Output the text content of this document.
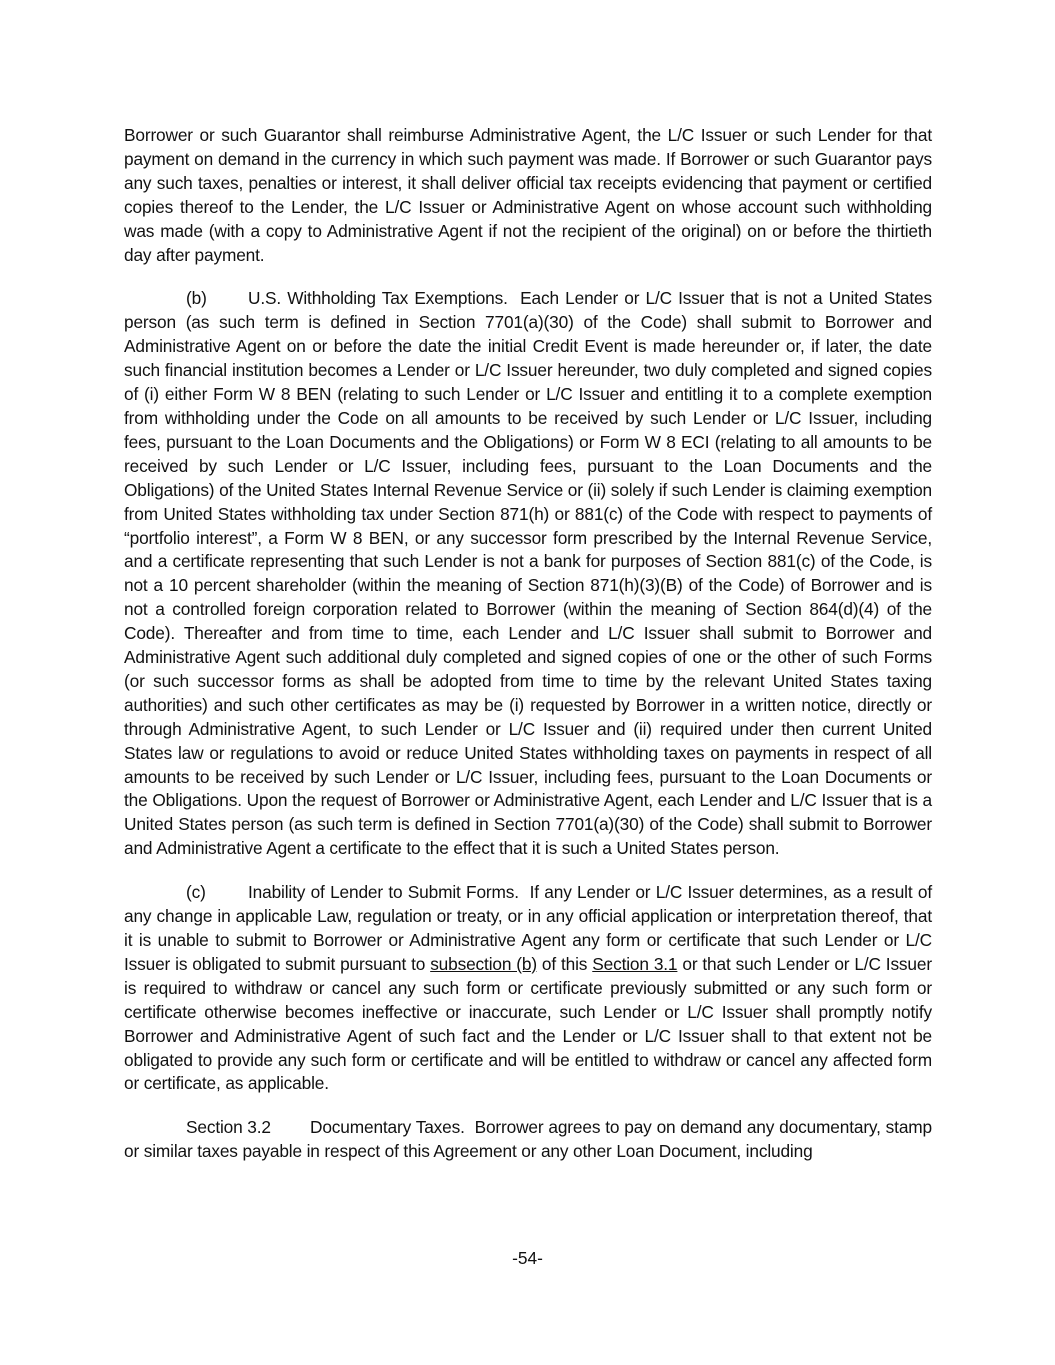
Borrower or such Guarantor shall reimburse Administrative Agent, the L/C Issuer or such Lender for that payment on demand in the currency in which such payment was made. If Borrower or such Guarantor pays any such taxes, penalties or interest, it shall deliver official tax receipts evidencing that payment or certified copies thereof to the Lender, the L/C Issuer or Administrative Agent on whose account such withholding was made (with a copy to Administrative Agent if not the recipient of the original) on or before the thirtieth day after payment.

(b) U.S. Withholding Tax Exemptions. Each Lender or L/C Issuer that is not a United States person (as such term is defined in Section 7701(a)(30) of the Code) shall submit to Borrower and Administrative Agent on or before the date the initial Credit Event is made hereunder or, if later, the date such financial institution becomes a Lender or L/C Issuer hereunder, two duly completed and signed copies of (i) either Form W 8 BEN (relating to such Lender or L/C Issuer and entitling it to a complete exemption from withholding under the Code on all amounts to be received by such Lender or L/C Issuer, including fees, pursuant to the Loan Documents and the Obligations) or Form W 8 ECI (relating to all amounts to be received by such Lender or L/C Issuer, including fees, pursuant to the Loan Documents and the Obligations) of the United States Internal Revenue Service or (ii) solely if such Lender is claiming exemption from United States withholding tax under Section 871(h) or 881(c) of the Code with respect to payments of “portfolio interest”, a Form W 8 BEN, or any successor form prescribed by the Internal Revenue Service, and a certificate representing that such Lender is not a bank for purposes of Section 881(c) of the Code, is not a 10 percent shareholder (within the meaning of Section 871(h)(3)(B) of the Code) of Borrower and is not a controlled foreign corporation related to Borrower (within the meaning of Section 864(d)(4) of the Code). Thereafter and from time to time, each Lender and L/C Issuer shall submit to Borrower and Administrative Agent such additional duly completed and signed copies of one or the other of such Forms (or such successor forms as shall be adopted from time to time by the relevant United States taxing authorities) and such other certificates as may be (i) requested by Borrower in a written notice, directly or through Administrative Agent, to such Lender or L/C Issuer and (ii) required under then current United States law or regulations to avoid or reduce United States withholding taxes on payments in respect of all amounts to be received by such Lender or L/C Issuer, including fees, pursuant to the Loan Documents or the Obligations. Upon the request of Borrower or Administrative Agent, each Lender and L/C Issuer that is a United States person (as such term is defined in Section 7701(a)(30) of the Code) shall submit to Borrower and Administrative Agent a certificate to the effect that it is such a United States person.

(c) Inability of Lender to Submit Forms. If any Lender or L/C Issuer determines, as a result of any change in applicable Law, regulation or treaty, or in any official application or interpretation thereof, that it is unable to submit to Borrower or Administrative Agent any form or certificate that such Lender or L/C Issuer is obligated to submit pursuant to subsection (b) of this Section 3.1 or that such Lender or L/C Issuer is required to withdraw or cancel any such form or certificate previously submitted or any such form or certificate otherwise becomes ineffective or inaccurate, such Lender or L/C Issuer shall promptly notify Borrower and Administrative Agent of such fact and the Lender or L/C Issuer shall to that extent not be obligated to provide any such form or certificate and will be entitled to withdraw or cancel any affected form or certificate, as applicable.

Section 3.2 Documentary Taxes. Borrower agrees to pay on demand any documentary, stamp or similar taxes payable in respect of this Agreement or any other Loan Document, including

-54-
